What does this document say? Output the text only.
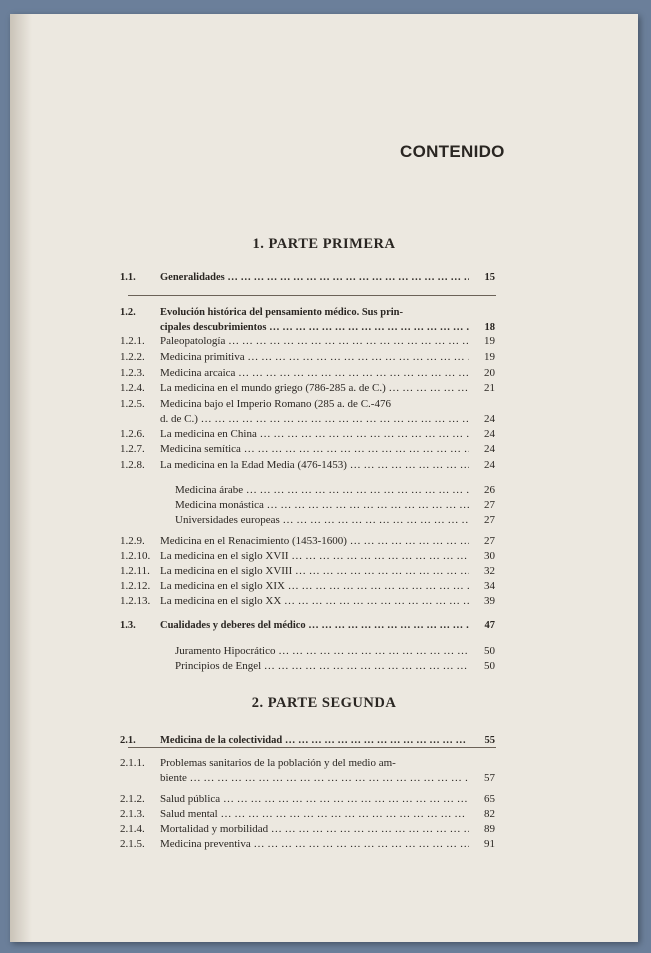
CONTENIDO
1. PARTE PRIMERA
2. PARTE SEGUNDA
1.1. Generalidades … … … … … … … … … … … … … … … … … … … … … … … … … … … … … … …	15
1.2. Evolución histórica del pensamiento médico. Sus prin-
cipales descubrimientos … … … … … … … … … … … … … … … … … … … … … … … …	18
1.2.1. Paleopatología … … … … … … … … … … … … … … … … … … … … … … … … … … … … … … …	19
1.2.2. Medicina primitiva … … … … … … … … … … … … … … … … … … … … … … … … … … … … … … …	19
1.2.3. Medicina arcaica … … … … … … … … … … … … … … … … … … … … … … … … … … … … … … …	20
1.2.4. La medicina en el mundo griego (786-285 a. de C.) … … … … … … … … … … … … … … … … … … … … … … … … … … … … … … …	21
1.2.5. Medicina bajo el Imperio Romano (285 a. de C.-476
d. de C.) … … … … … … … … … … … … … … … … … … … … … … … …	24
1.2.6. La medicina en China … … … … … … … … … … … … … … … … … … … … … … … … … … … … … … …	24
1.2.7. Medicina semítica … … … … … … … … … … … … … … … … … … … … … … … … … … … … … … …	24
1.2.8. La medicina en la Edad Media (476-1453) … … … … … … … … … … … … … … … … … … … … … … … … … … … … … … …	24
Medicina árabe … … … … … … … … … … … … … … … … … … … … … … … … … … … … … … …	26
Medicina monástica … … … … … … … … … … … … … … … … … … … … … … … … … … … … … … …	27
Universidades europeas … … … … … … … … … … … … … … … … … … … … … … … … … … … … … … …	27
1.2.9. Medicina en el Renacimiento (1453-1600) … … … … … … … … … … … … … … … … … … … … … … … … … … … … … … …	27
1.2.10. La medicina en el siglo XVII … … … … … … … … … … … … … … … … … … … … … … … … … … … … … … …	30
1.2.11. La medicina en el siglo XVIII … … … … … … … … … … … … … … … … … … … … … … … … … … … … … … …	32
1.2.12. La medicina en el siglo XIX … … … … … … … … … … … … … … … … … … … … … … … … … … … … … … …	34
1.2.13. La medicina en el siglo XX … … … … … … … … … … … … … … … … … … … … … … … … … … … … … … …	39
1.3. Cualidades y deberes del médico … … … … … … … … … … … … … … … … … … … … … … … … … … … … … … …	47
Juramento Hipocrático … … … … … … … … … … … … … … … … … … … … … … … … … … … … … … …	50
Principios de Engel … … … … … … … … … … … … … … … … … … … … … … … … … … … … … … …	50
2.1. Medicina de la colectividad … … … … … … … … … … … … … … … … … … … … … … … … … … … … … … …	55
2.1.1. Problemas sanitarios de la población y del medio am-
biente … … … … … … … … … … … … … … … … … … … … … … … …	57
2.1.2. Salud pública … … … … … … … … … … … … … … … … … … … … … … … … … … … … … … …	65
2.1.3. Salud mental … … … … … … … … … … … … … … … … … … … … … … … … … … … … … … …	82
2.1.4. Mortalidad y morbilidad … … … … … … … … … … … … … … … … … … … … … … … … … … … … … … …	89
2.1.5. Medicina preventiva … … … … … … … … … … … … … … … … … … … … … … … … … … … … … … …	91
